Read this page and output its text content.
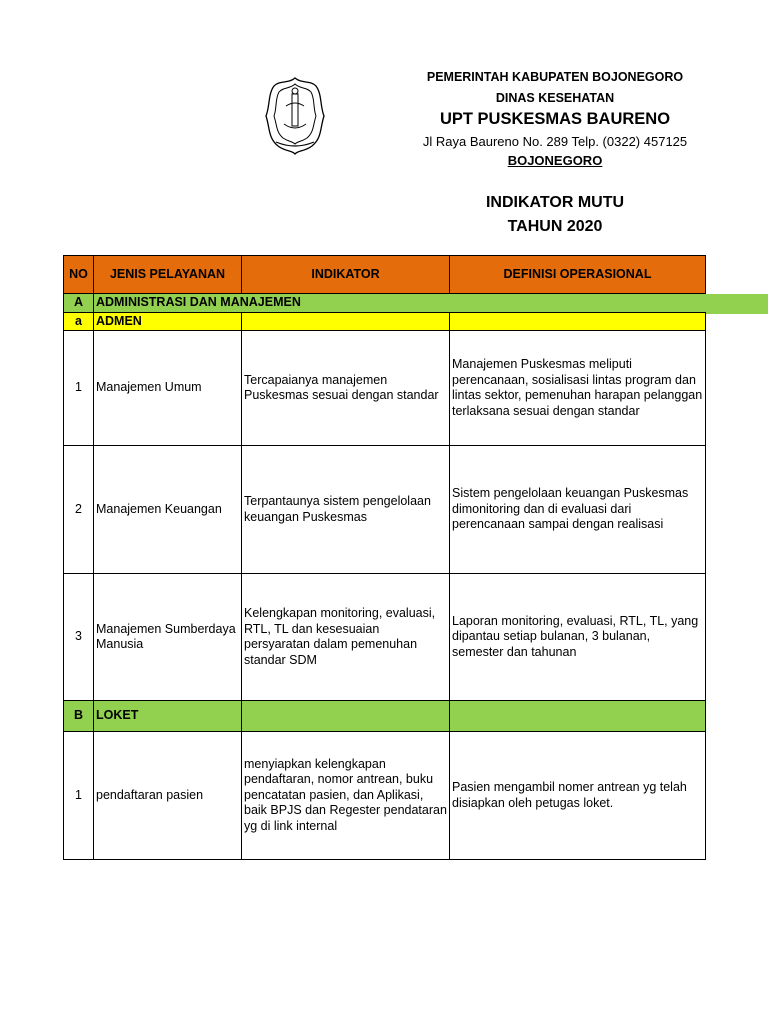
PEMERINTAH KABUPATEN BOJONEGORO
DINAS KESEHATAN
UPT PUSKESMAS BAURENO
Jl Raya Baureno No. 289 Telp. (0322) 457125
BOJONEGORO
INDIKATOR MUTU
TAHUN 2020
NO	JENIS PELAYANAN	INDIKATOR	DEFINISI OPERASIONAL
A	ADMINISTRASI DAN MANAJEMEN		
a	ADMEN		
1	Manajemen Umum	Tercapaianya manajemen Puskesmas sesuai dengan standar	Manajemen Puskesmas meliputi perencanaan, sosialisasi lintas program dan lintas sektor, pemenuhan harapan pelanggan terlaksana sesuai dengan standar
2	Manajemen Keuangan	Terpantaunya sistem pengelolaan keuangan Puskesmas	Sistem pengelolaan keuangan Puskesmas dimonitoring dan di evaluasi dari perencanaan sampai dengan realisasi
3	Manajemen Sumberdaya Manusia	Kelengkapan monitoring, evaluasi, RTL, TL dan kesesuaian persyaratan dalam pemenuhan standar SDM	Laporan monitoring, evaluasi, RTL, TL, yang dipantau setiap bulanan, 3 bulanan, semester dan tahunan
B	LOKET		
1	pendaftaran pasien	menyiapkan kelengkapan pendaftaran, nomor antrean, buku pencatatan pasien, dan Aplikasi, baik BPJS dan Regester pendataran yg di link internal	Pasien mengambil nomer antrean yg telah disiapkan oleh petugas loket.
